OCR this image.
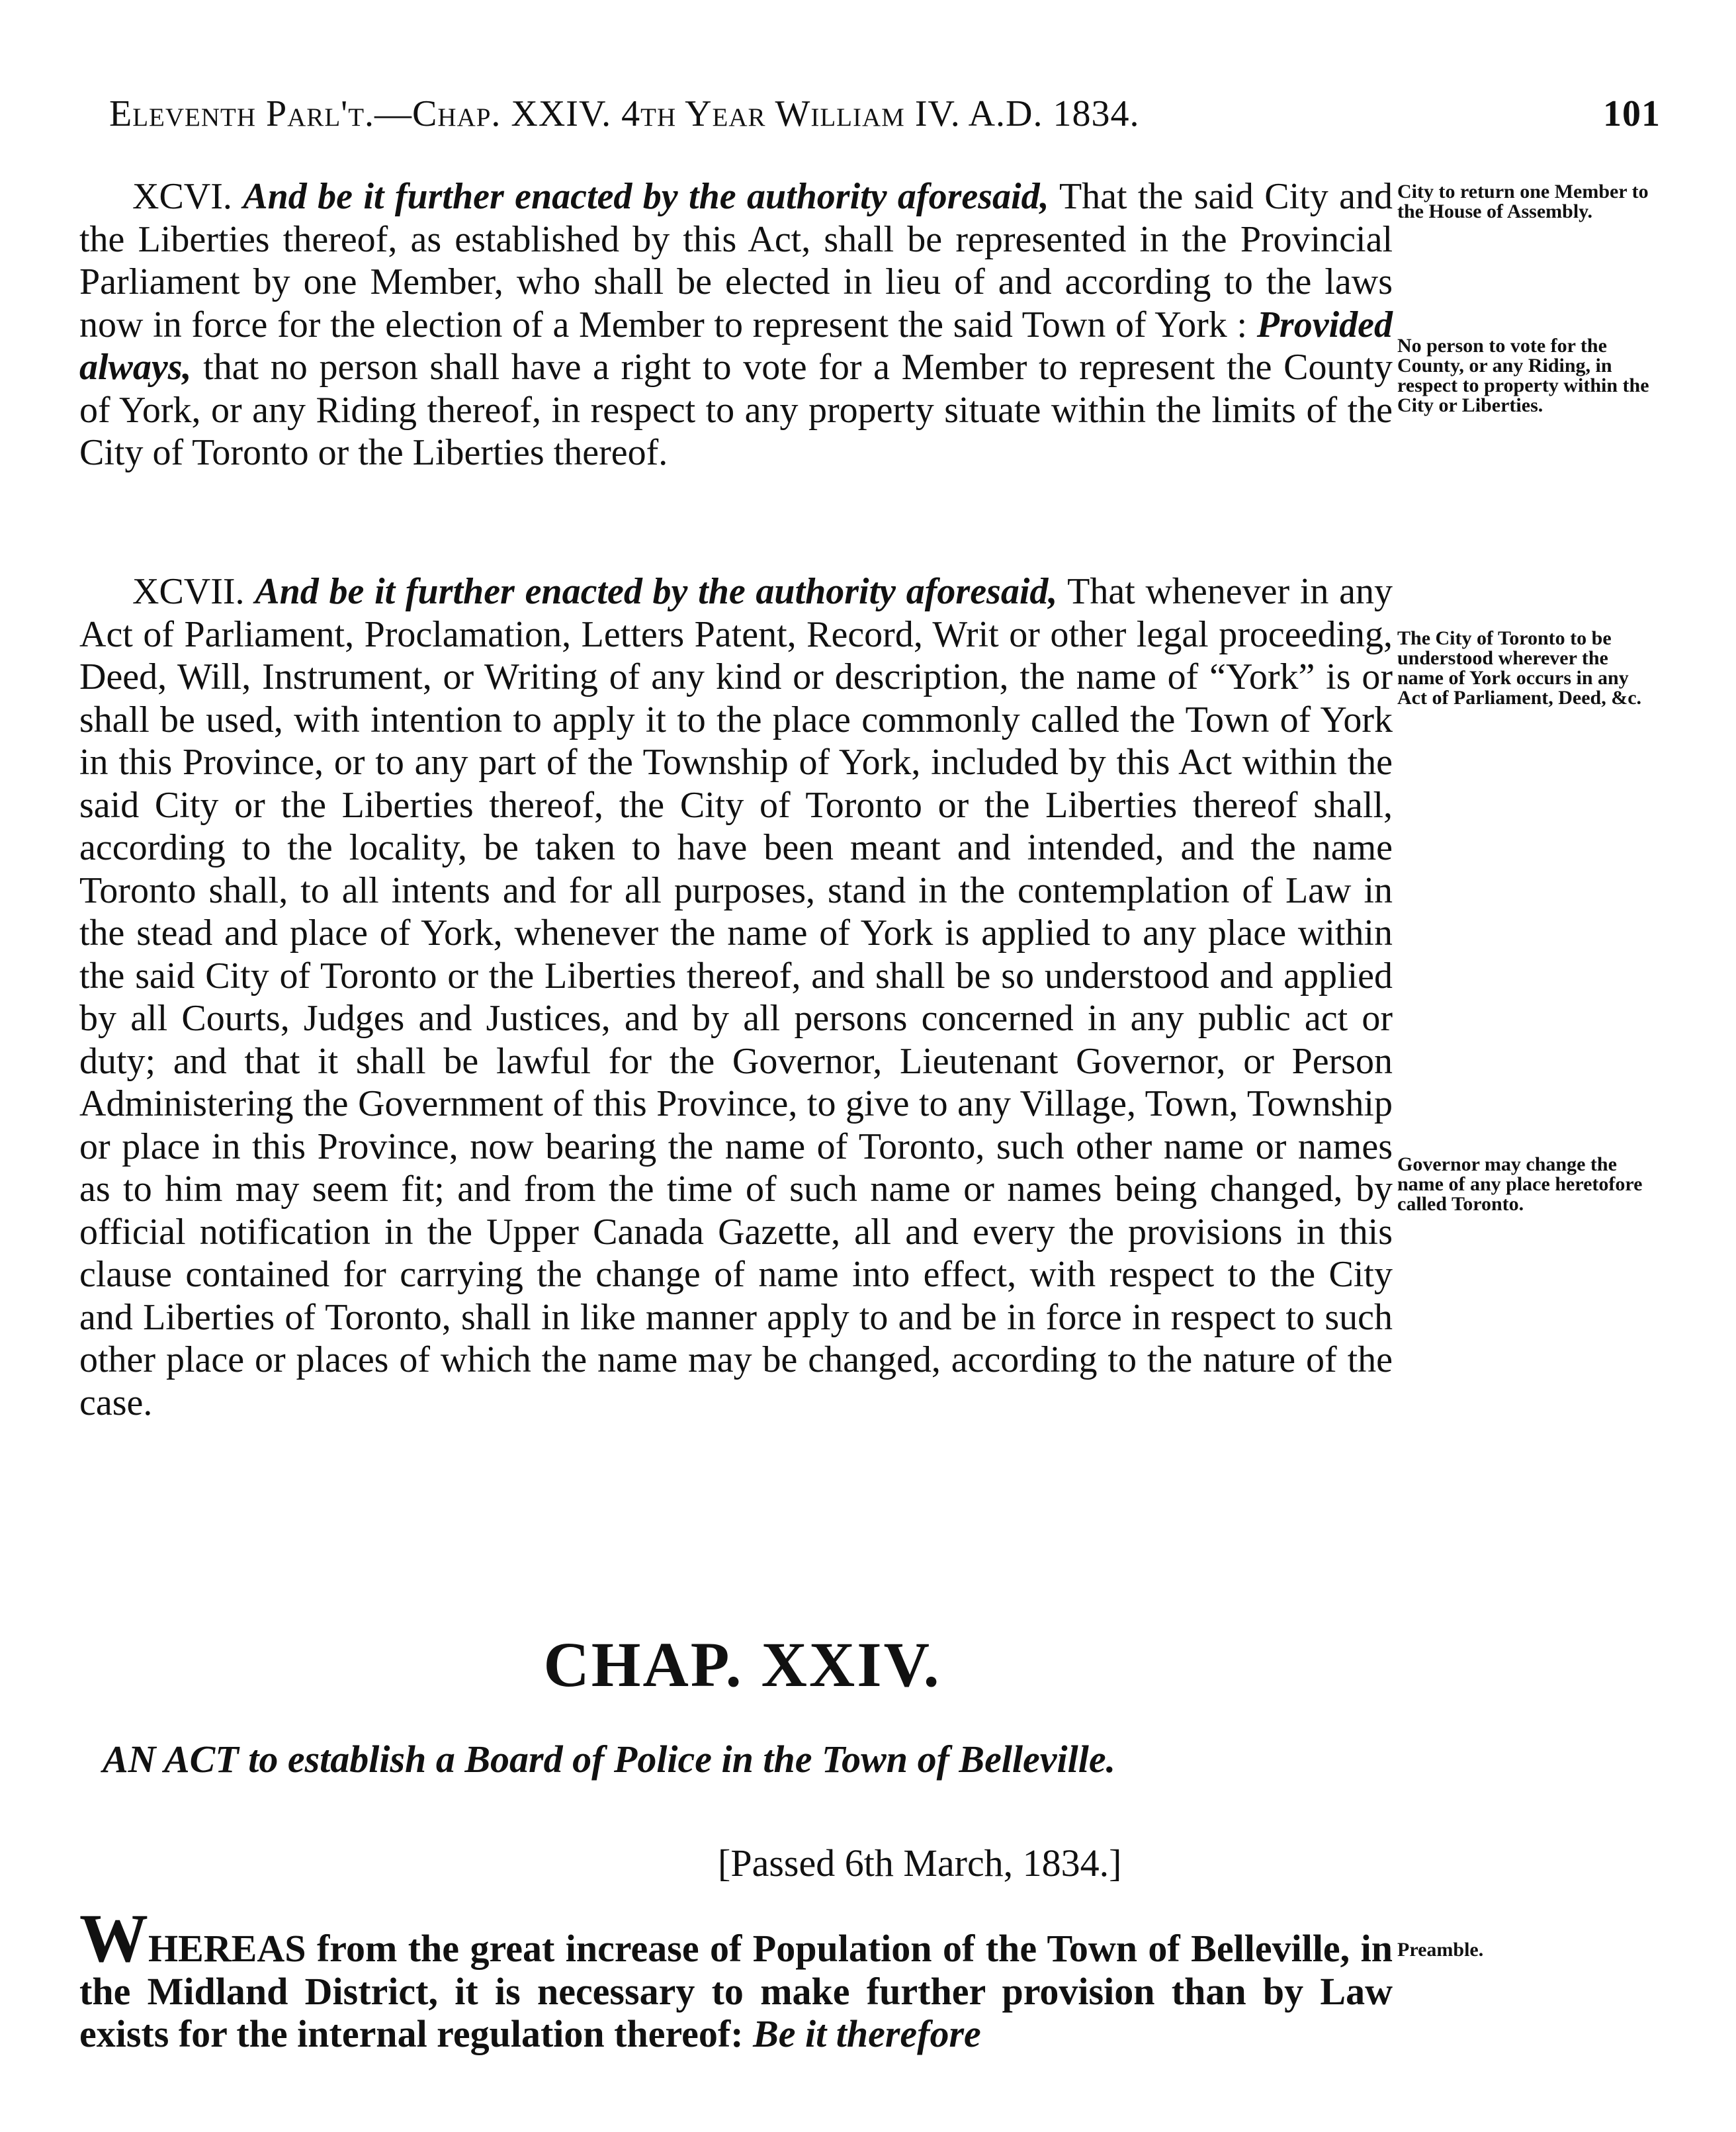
Eleventh Parl't.—Chap. XXIV. 4th Year William IV. A.D. 1834.	101

XCVI. And be it further enacted by the authority aforesaid, That the said City and the Liberties thereof, as established by this Act, shall be represented in the Provincial Parliament by one Member, who shall be elected in lieu of and according to the laws now in force for the election of a Member to represent the said Town of York : Provided always, that no person shall have a right to vote for a Member to represent the County of York, or any Riding thereof, in respect to any property situate within the limits of the City of Toronto or the Liberties thereof.

XCVII. And be it further enacted by the authority aforesaid, That whenever in any Act of Parliament, Proclamation, Letters Patent, Record, Writ or other legal proceeding, Deed, Will, Instrument, or Writing of any kind or description, the name of “York” is or shall be used, with intention to apply it to the place commonly called the Town of York in this Province, or to any part of the Township of York, included by this Act within the said City or the Liberties thereof, the City of Toronto or the Liberties thereof shall, according to the locality, be taken to have been meant and intended, and the name Toronto shall, to all intents and for all purposes, stand in the contemplation of Law in the stead and place of York, whenever the name of York is applied to any place within the said City of Toronto or the Liberties thereof, and shall be so understood and applied by all Courts, Judges and Justices, and by all persons concerned in any public act or duty; and that it shall be lawful for the Governor, Lieutenant Governor, or Person Administering the Government of this Province, to give to any Village, Town, Township or place in this Province, now bearing the name of Toronto, such other name or names as to him may seem fit; and from the time of such name or names being changed, by official notification in the Upper Canada Gazette, all and every the provisions in this clause contained for carrying the change of name into effect, with respect to the City and Liberties of Toronto, shall in like manner apply to and be in force in respect to such other place or places of which the name may be changed, according to the nature of the case.

City to return one Member to the House of Assembly.
No person to vote for the County, or any Riding, in respect to property within the City or Liberties.
The City of Toronto to be understood wherever the name of York occurs in any Act of Parliament, Deed, &c.
Governor may change the name of any place heretofore called Toronto.
Preamble.
CHAP. XXIV.
AN ACT to establish a Board of Police in the Town of Belleville.
[Passed 6th March, 1834.]
WHEREAS from the great increase of Population of the Town of Belleville, in the Midland District, it is necessary to make further provision than by Law exists for the internal regulation thereof: Be it therefore
